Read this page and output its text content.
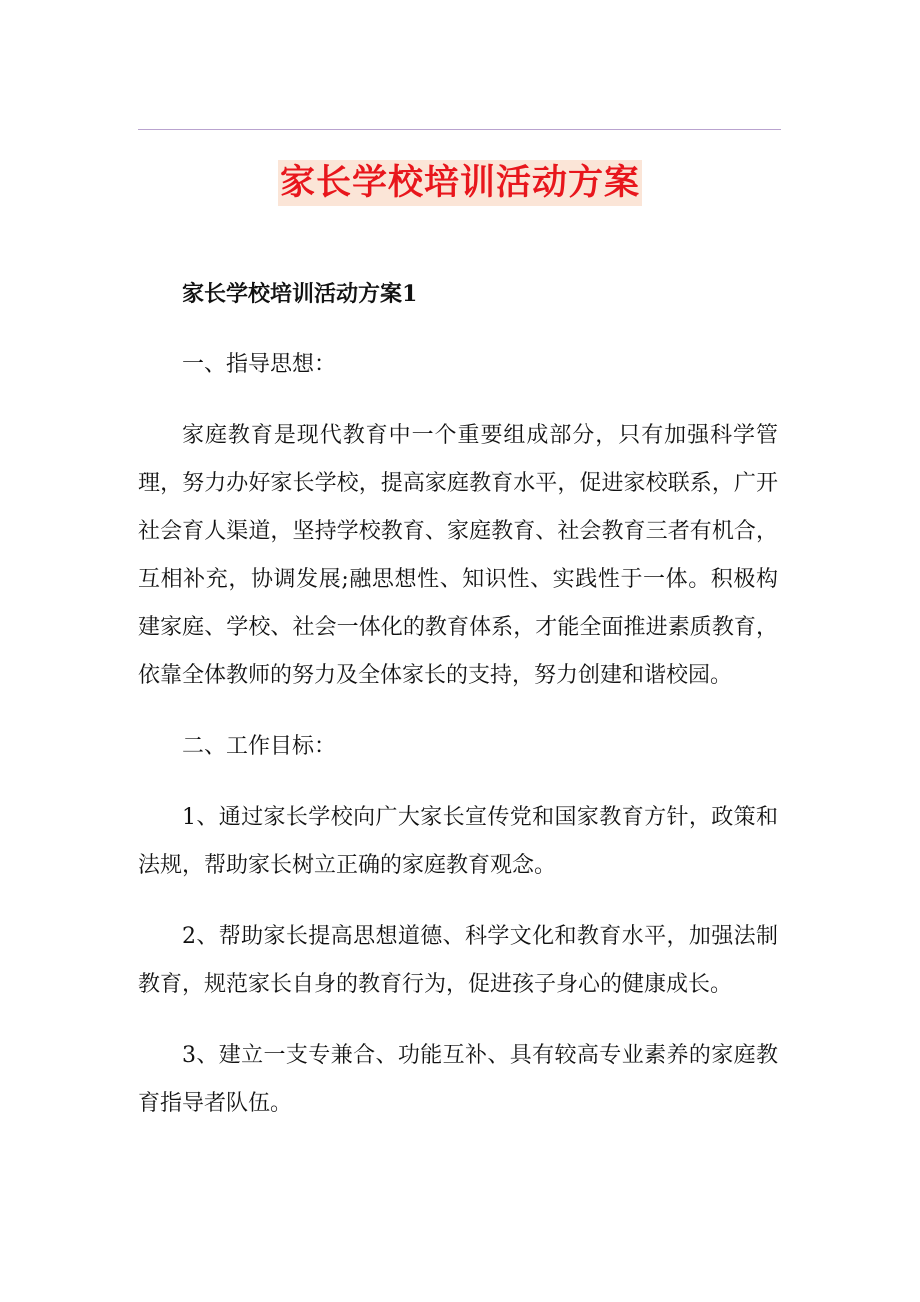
家长学校培训活动方案

家长学校培训活动方案1

一、指导思想：

家庭教育是现代教育中一个重要组成部分，只有加强科学管理，努力办好家长学校，提高家庭教育水平，促进家校联系，广开社会育人渠道，坚持学校教育、家庭教育、社会教育三者有机合，互相补充，协调发展;融思想性、知识性、实践性于一体。积极构建家庭、学校、社会一体化的教育体系，才能全面推进素质教育，依靠全体教师的努力及全体家长的支持，努力创建和谐校园。

二、工作目标：

1、通过家长学校向广大家长宣传党和国家教育方针，政策和法规，帮助家长树立正确的家庭教育观念。

2、帮助家长提高思想道德、科学文化和教育水平，加强法制教育，规范家长自身的教育行为，促进孩子身心的健康成长。

3、建立一支专兼合、功能互补、具有较高专业素养的家庭教育指导者队伍。
